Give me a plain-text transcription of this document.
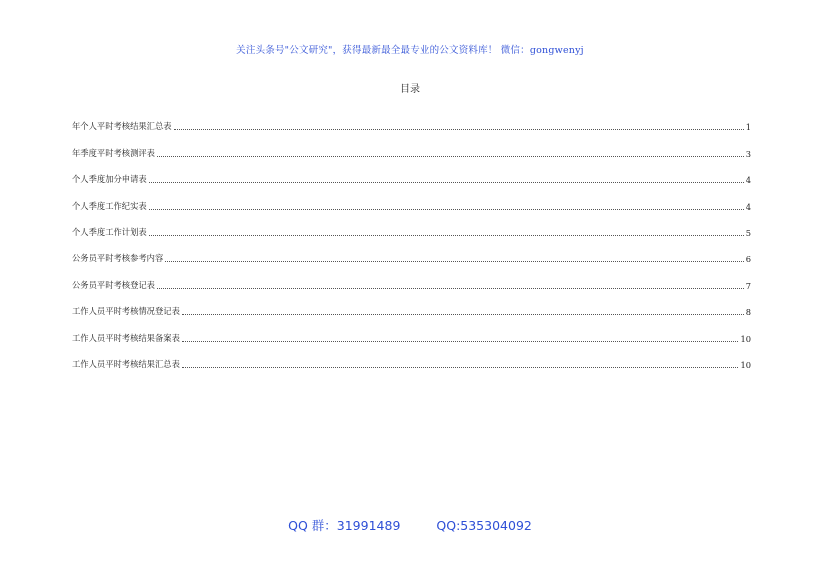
关注头条号"公文研究"，获得最新最全最专业的公文资料库！ 微信：gongwenyj
目录
年个人平时考核结果汇总表	1
年季度平时考核测评表	3
个人季度加分申请表	4
个人季度工作纪实表	4
个人季度工作计划表	5
公务员平时考核参考内容	6
公务员平时考核登记表	7
工作人员平时考核情况登记表	8
工作人员平时考核结果备案表	10
工作人员平时考核结果汇总表	10
QQ 群：31991489	QQ:535304092
